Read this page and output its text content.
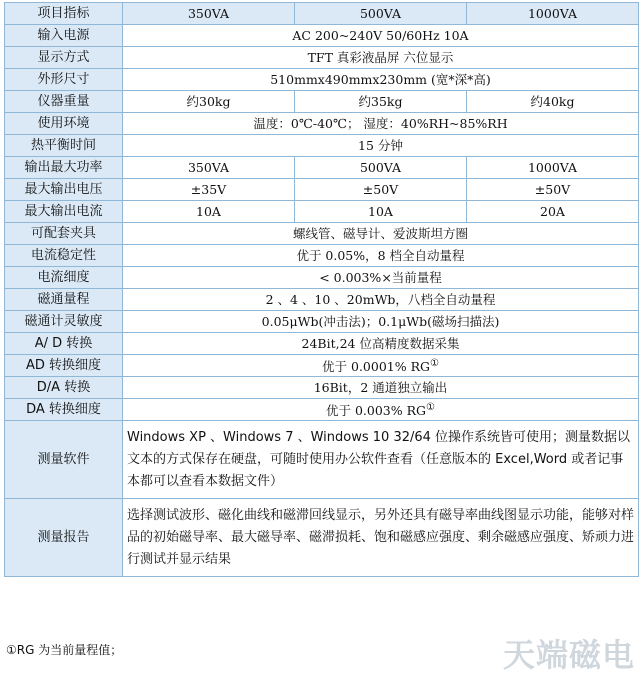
项目指标	350VA	500VA	1000VA
输入电源	AC 200~240V 50/60Hz 10A		
显示方式	TFT 真彩液晶屏 六位显示		
外形尺寸	510mmx490mmx230mm (宽*深*高)		
仪器重量	约30kg	约35kg	约40kg
使用环境	温度：0℃-40℃； 湿度：40%RH~85%RH		
热平衡时间	15 分钟		
输出最大功率	350VA	500VA	1000VA
最大输出电压	±35V	±50V	±50V
最大输出电流	10A	10A	20A
可配套夹具	螺线管、磁导计、爱波斯坦方圈		
电流稳定性	优于 0.05%，8 档全自动量程		
电流细度	< 0.003%×当前量程		
磁通量程	2 、4 、10 、20mWb，八档全自动量程		
磁通计灵敏度	0.05μWb(冲击法)；0.1μWb(磁场扫描法)		
A/ D 转换	24Bit,24 位高精度数据采集		
AD 转换细度	优于 0.0001% RG①
D/A 转换	16Bit，2 通道独立输出		
DA 转换细度	优于 0.003% RG①
测量软件	Windows XP 、Windows 7 、Windows 10 32/64 位操作系统皆可使用；测量数据以文本的方式保存在硬盘，可随时使用办公软件查看（任意版本的 Excel,Word 或者记事本都可以查看本数据文件）		
测量报告	选择测试波形、磁化曲线和磁滞回线显示，另外还具有磁导率曲线图显示功能，能够对样品的初始磁导率、最大磁导率、磁滞损耗、饱和磁感应强度、剩余磁感应强度、矫顽力进行测试并显示结果		
①RG 为当前量程值；	天端磁电
